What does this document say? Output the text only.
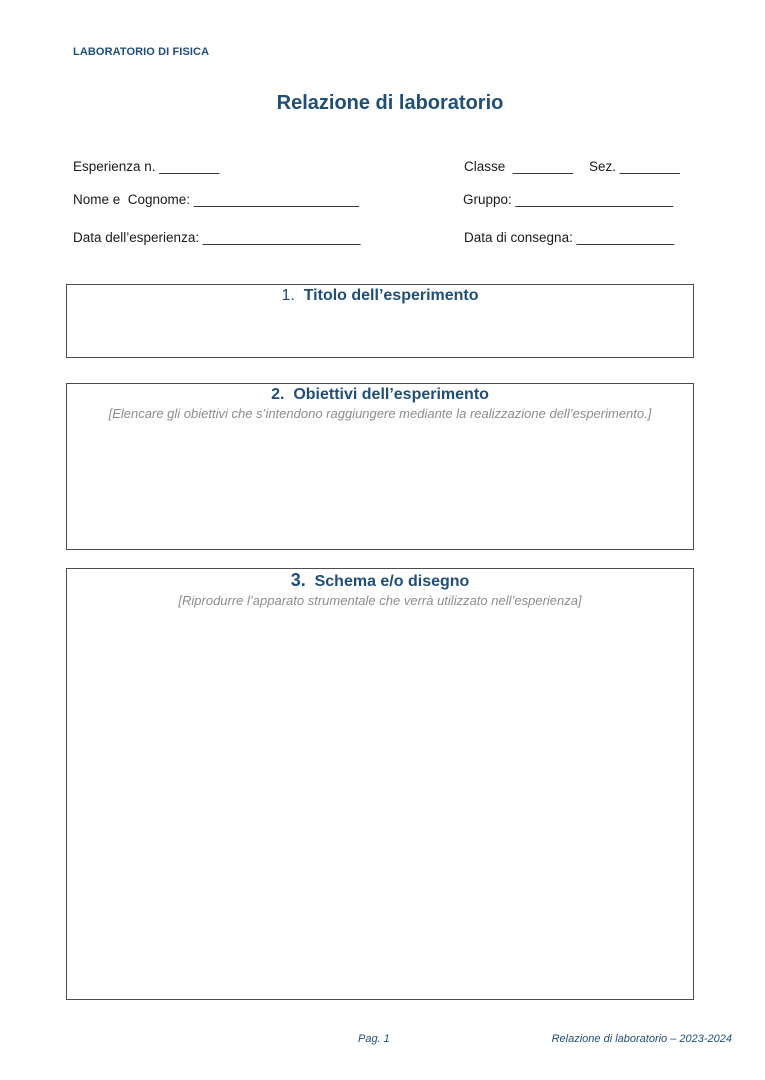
LABORATORIO DI FISICA
Relazione di laboratorio
Esperienza n. ________	Classe  ________ Sez. ________
Nome e  Cognome: ______________________	Gruppo: _____________________
Data dell’esperienza: _____________________	Data di consegna: _____________
1. Titolo dell’esperimento
2. Obiettivi dell’esperimento
[Elencare gli obiettivi che s’intendono raggiungere mediante la realizzazione dell’esperimento.]
3. Schema e/o disegno
[Riprodurre l’apparato strumentale che verrà utilizzato nell’esperienza]
Pag. 1	Relazione di laboratorio – 2023-2024
